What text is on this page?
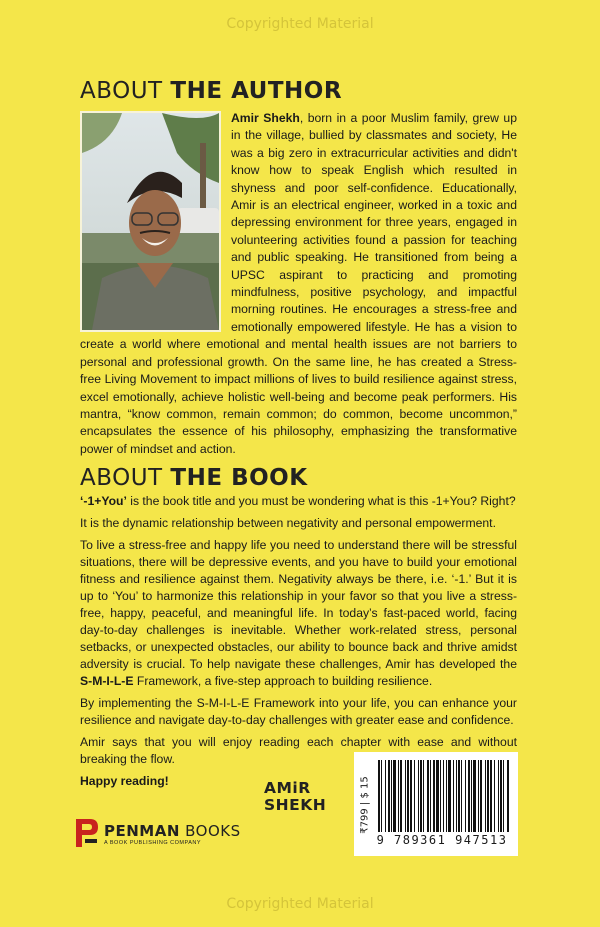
Copyrighted Material
ABOUT THE AUTHOR
Amir Shekh, born in a poor Muslim family, grew up in the village, bullied by classmates and society, He was a big zero in extracurricular activities and didn't know how to speak English which resulted in shyness and poor self-confidence. Educationally, Amir is an electrical engineer, worked in a toxic and depressing environment for three years, engaged in volunteering activities found a passion for teaching and public speaking. He transitioned from being a UPSC aspirant to practicing and promoting mindfulness, positive psychology, and impactful morning routines. He encourages a stress-free and emotionally empowered lifestyle. He has a vision to create a world where emotional and mental health issues are not barriers to personal and professional growth. On the same line, he has created a Stress-free Living Movement to impact millions of lives to build resilience against stress, excel emotionally, achieve holistic well-being and become peak performers. His mantra, “know common, remain common; do common, become uncommon,” encapsulates the essence of his philosophy, emphasizing the transformative power of mindset and action.
ABOUT THE BOOK

‘-1+You’ is the book title and you must be wondering what is this -1+You? Right?

It is the dynamic relationship between negativity and personal empowerment.

To live a stress-free and happy life you need to understand there will be stressful situations, there will be depressive events, and you have to build your emotional fitness and resilience against them. Negativity always be there, i.e. ‘-1.’ But it is up to ‘You’ to harmonize this relationship in your favor so that you live a stress-free, happy, peaceful, and meaningful life. In today’s fast-paced world, facing day-to-day challenges is inevitable. Whether work-related stress, personal setbacks, or unexpected obstacles, our ability to bounce back and thrive amidst adversity is crucial. To help navigate these challenges, Amir has developed the S-M-I-L-E Framework, a five-step approach to building resilience.

By implementing the S-M-I-L-E Framework into your life, you can enhance your resilience and navigate day-to-day challenges with greater ease and confidence.

Amir says that you will enjoy reading each chapter with ease and without breaking the flow.

Happy reading!	AMiR
SHEKH	₹799 | $ 15
9 789361 947513
PENMAN BOOKS
A BOOK PUBLISHING COMPANY
Copyrighted Material
